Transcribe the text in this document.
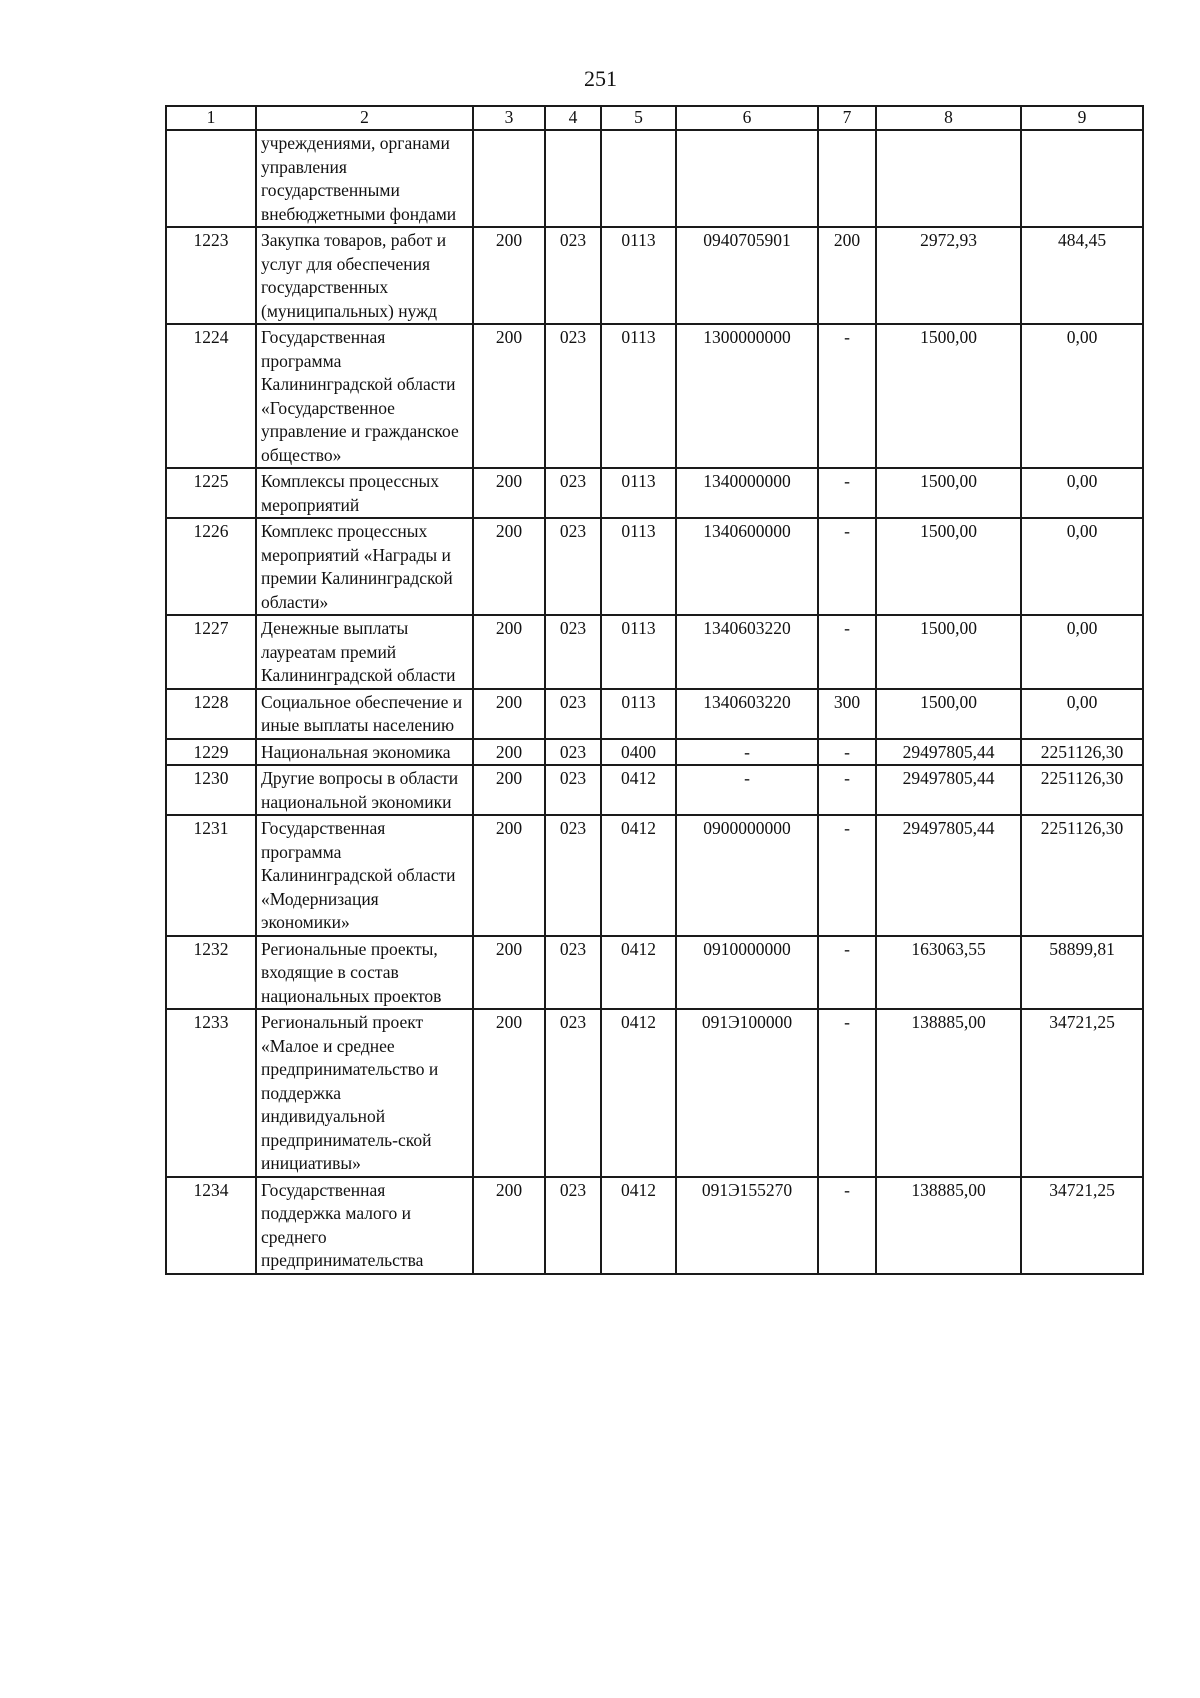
251
1	2	3	4	5	6	7	8	9
	учреждениями, органами управления государственными внебюджетными фондами							
1223	Закупка товаров, работ и услуг для обеспечения государственных (муниципальных) нужд	200	023	0113	0940705901	200	2972,93	484,45
1224	Государственная программа Калининградской области «Государственное управление и гражданское общество»	200	023	0113	1300000000	-	1500,00	0,00
1225	Комплексы процессных мероприятий	200	023	0113	1340000000	-	1500,00	0,00
1226	Комплекс процессных мероприятий «Награды и премии Калининградской области»	200	023	0113	1340600000	-	1500,00	0,00
1227	Денежные выплаты лауреатам премий Калининградской области	200	023	0113	1340603220	-	1500,00	0,00
1228	Социальное обеспечение и иные выплаты населению	200	023	0113	1340603220	300	1500,00	0,00
1229	Национальная экономика	200	023	0400	-	-	29497805,44	2251126,30
1230	Другие вопросы в области национальной экономики	200	023	0412	-	-	29497805,44	2251126,30
1231	Государственная программа Калининградской области «Модернизация экономики»	200	023	0412	0900000000	-	29497805,44	2251126,30
1232	Региональные проекты, входящие в состав национальных проектов	200	023	0412	0910000000	-	163063,55	58899,81
1233	Региональный проект «Малое и среднее предпринимательство и поддержка индивидуальной предприниматель-ской инициативы»	200	023	0412	091Э100000	-	138885,00	34721,25
1234	Государственная поддержка малого и среднего предпринимательства	200	023	0412	091Э155270	-	138885,00	34721,25
